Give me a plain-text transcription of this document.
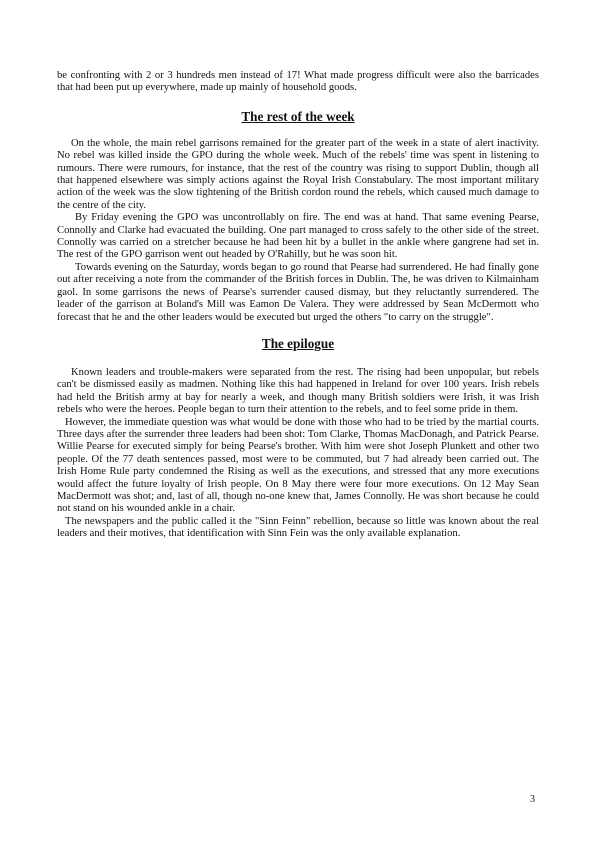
be confronting with 2 or 3 hundreds men instead of 17! What made progress difficult were also the barricades that had been put up everywhere, made up mainly of household goods.

The rest of the week

On the whole, the main rebel garrisons remained for the greater part of the week in a state of alert inactivity. No rebel was killed inside the GPO during the whole week. Much of the rebels' time was spent in listening to rumours. There were rumours, for instance, that the rest of the country was rising to support Dublin, though all that happened elsewhere was simply actions against the Royal Irish Constabulary. The most important military action of the week was the slow tightening of the British cordon round the rebels, which caused much damage to the centre of the city.

By Friday evening the GPO was uncontrollably on fire. The end was at hand. That same evening Pearse, Connolly and Clarke had evacuated the building. One part managed to cross safely to the other side of the street. Connolly was carried on a stretcher because he had been hit by a bullet in the ankle where gangrene had set in. The rest of the GPO garrison went out headed by O'Rahilly, but he was soon hit.

Towards evening on the Saturday, words began to go round that Pearse had surrendered. He had finally gone out after receiving a note from the commander of the British forces in Dublin. The, he was driven to Kilmainham gaol. In some garrisons the news of Pearse's surrender caused dismay, but they reluctantly surrendered. The leader of the garrison at Boland's Mill was Eamon De Valera. They were addressed by Sean McDermott who forecast that he and the other leaders would be executed but urged the others "to carry on the struggle".

The epilogue

Known leaders and trouble-makers were separated from the rest. The rising had been unpopular, but rebels can't be dismissed easily as madmen. Nothing like this had happened in Ireland for over 100 years. Irish rebels had held the British army at bay for nearly a week, and though many British soldiers were Irish, it was Irish rebels who were the heroes. People began to turn their attention to the rebels, and to feel some pride in them.

However, the immediate question was what would be done with those who had to be tried by the martial courts. Three days after the surrender three leaders had been shot: Tom Clarke, Thomas MacDonagh, and Patrick Pearse. Willie Pearse for executed simply for being Pearse's brother. With him were shot Joseph Plunkett and other two people. Of the 77 death sentences passed, most were to be commuted, but 7 had already been carried out. The Irish Home Rule party condemned the Rising as well as the executions, and stressed that any more executions would affect the future loyalty of Irish people. On 8 May there were four more executions. On 12 May Sean MacDermott was shot; and, last of all, though no-one knew that, James Connolly. He was short because he could not stand on his wounded ankle in a chair.

The newspapers and the public called it the "Sinn Feinn" rebellion, because so little was known about the real leaders and their motives, that identification with Sinn Fein was the only available explanation.

3
